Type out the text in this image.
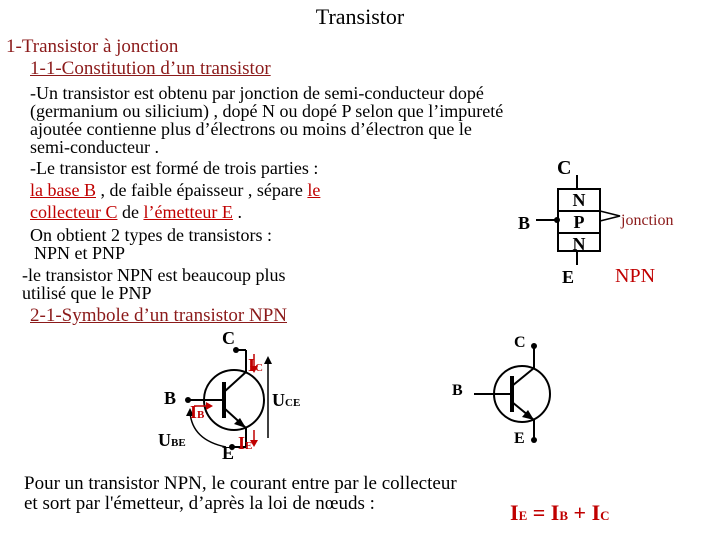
Transistor
1-Transistor à jonction
1-1-Constitution d’un transistor
-Un transistor est obtenu par jonction de semi-conducteur dopé
(germanium ou silicium) , dopé N ou dopé P selon que l’impureté
ajoutée contienne plus d’électrons ou moins d’électron que le
semi-conducteur .
-Le transistor est formé de trois parties :
la base B , de faible épaisseur , sépare le
collecteur C de l’émetteur E .
On obtient 2 types de transistors :
NPN et PNP
-le transistor NPN est beaucoup plus
utilisé que le PNP
2-1-Symbole d’un transistor NPN
C
B
E
N
P
N
jonction
NPN
C
B
E
IC
IB
IE
UCE
UBE
C
B
E
Pour un transistor NPN, le courant entre par le collecteur
et sort par l'émetteur, d’après la loi de nœuds :	IE = IB + IC
